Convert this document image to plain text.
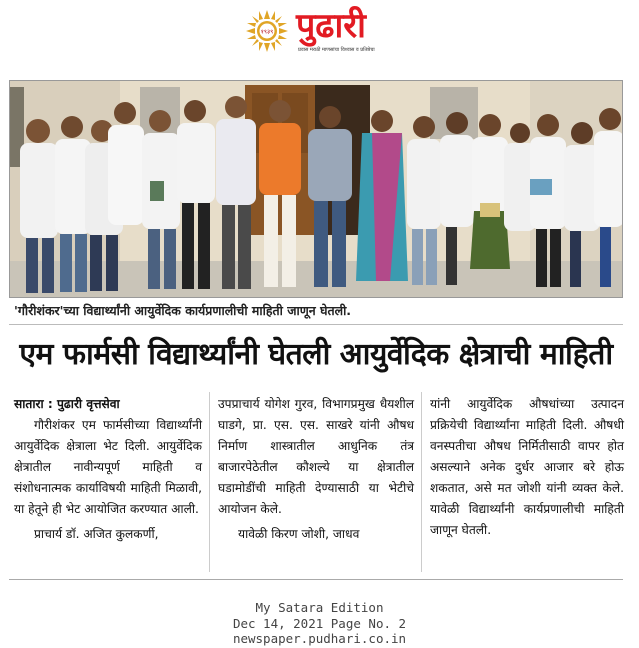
१९३९ पुढारी
प्रवास मराठी माणसांचा विश्वास व प्रतिष्ठेचा
'गौरीशंकर'च्या विद्यार्थ्यांनी आयुर्वेदिक कार्यप्रणालीची माहिती जाणून घेतली.
एम फार्मसी विद्यार्थ्यांनी घेतली आयुर्वेदिक क्षेत्राची माहिती
सातारा : पुढारी वृत्तसेवा
गौरीशंकर एम फार्मसीच्या विद्यार्थ्यांनी आयुर्वेदिक क्षेत्राला भेट दिली. आयुर्वेदिक क्षेत्रातील नावीन्यपूर्ण माहिती व संशोधनात्मक कार्याविषयी माहिती मिळावी, या हेतूने ही भेट आयोजित करण्यात आली.
प्राचार्य डॉ. अजित कुलकर्णी,
उपप्राचार्य योगेश गुरव, विभागप्रमुख धैयशील घाडगे, प्रा. एस. एस. साखरे यांनी औषध निर्माण शास्त्रातील आधुनिक तंत्र बाजारपेठेतील कौशल्ये या क्षेत्रातील घडामोडींची माहिती देण्यासाठी या भेटीचे आयोजन केले.
यावेळी किरण जोशी, जाधव
यांनी आयुर्वेदिक औषधांच्या उत्पादन प्रक्रियेची विद्यार्थ्यांना माहिती दिली. औषधी वनस्पतीचा औषध निर्मितीसाठी वापर होत असल्याने अनेक दुर्धर आजार बरे होऊ शकतात, असे मत जोशी यांनी व्यक्त केले. यावेळी विद्यार्थ्यांनी कार्यप्रणालीची माहिती जाणून घेतली.
My Satara Edition
Dec 14, 2021 Page No. 2
newspaper.pudhari.co.in
